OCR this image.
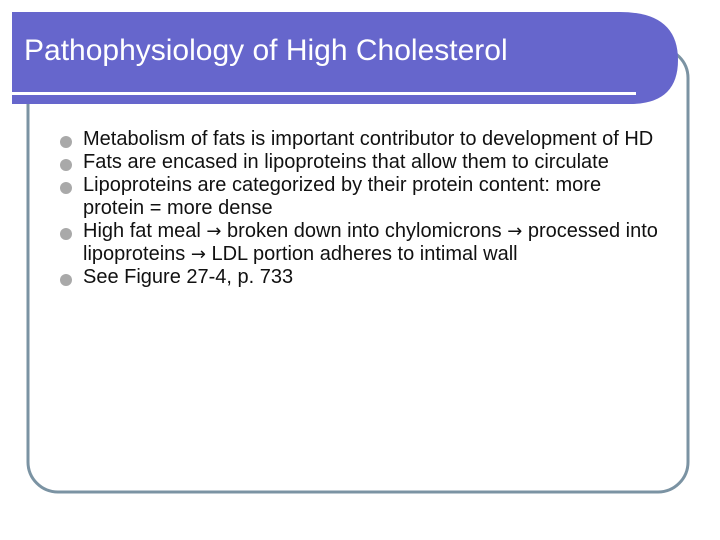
Pathophysiology of High Cholesterol
Metabolism of fats is important contributor to development of HD
Fats are encased in lipoproteins that allow them to circulate
Lipoproteins are categorized by their protein content: more protein = more dense
High fat meal → broken down into chylomicrons → processed into lipoproteins → LDL portion adheres to intimal wall
See Figure 27-4, p. 733
